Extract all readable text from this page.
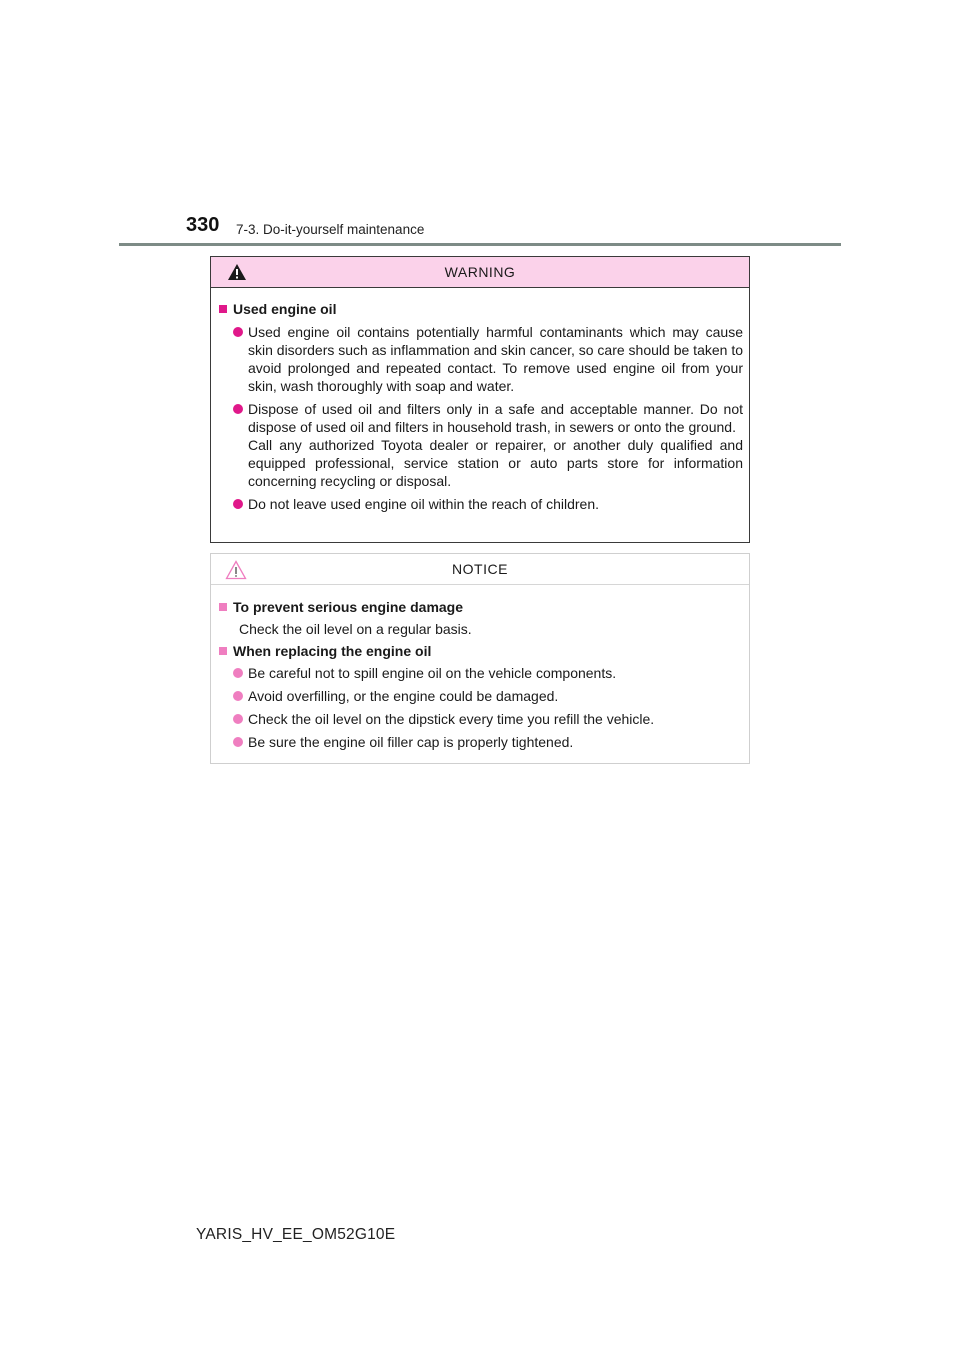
330 7-3. Do-it-yourself maintenance
WARNING
Used engine oil
Used engine oil contains potentially harmful contaminants which may cause skin disorders such as inflammation and skin cancer, so care should be taken to avoid prolonged and repeated contact. To remove used engine oil from your skin, wash thoroughly with soap and water.
Dispose of used oil and filters only in a safe and acceptable manner. Do not dispose of used oil and filters in household trash, in sewers or onto the ground.
Call any authorized Toyota dealer or repairer, or another duly qualified and equipped professional, service station or auto parts store for information concerning recycling or disposal.
Do not leave used engine oil within the reach of children.
NOTICE
To prevent serious engine damage
Check the oil level on a regular basis.
When replacing the engine oil
Be careful not to spill engine oil on the vehicle components.
Avoid overfilling, or the engine could be damaged.
Check the oil level on the dipstick every time you refill the vehicle.
Be sure the engine oil filler cap is properly tightened.
YARIS_HV_EE_OM52G10E
